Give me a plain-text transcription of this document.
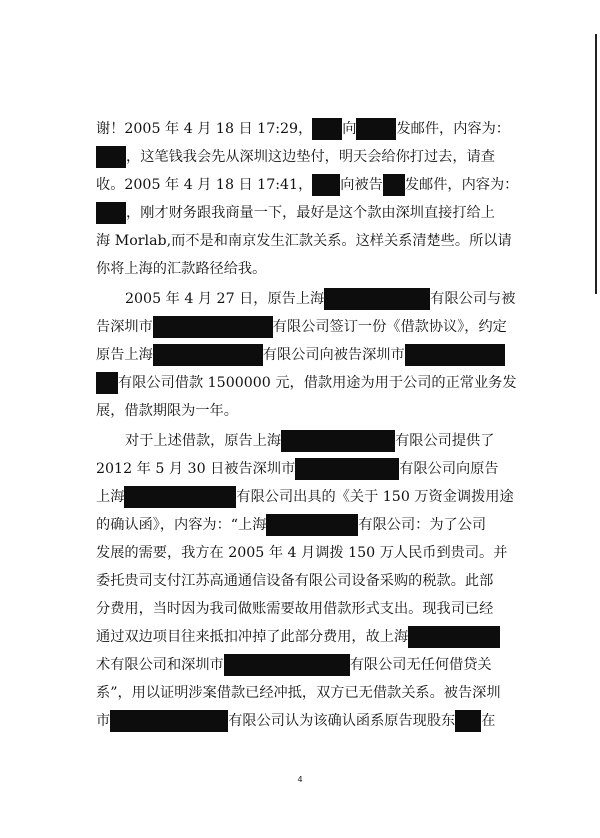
谢！2005 年 4 月 18 日 17:29， 向	发邮件，内容为：
，这笔钱我会先从深圳这边垫付，明天会给你打过去，请查
收。2005 年 4 月 18 日 17:41， 向被告 发邮件，内容为：
，刚才财务跟我商量一下，最好是这个款由深圳直接打给上
海 Morlab,而不是和南京发生汇款关系。这样关系清楚些。所以请
你将上海的汇款路径给我。
2005 年 4 月 27 日，原告上海	有限公司与被
告深圳市	有限公司签订一份《借款协议》，约定
原告上海	有限公司向被告深圳市
有限公司借款 1500000 元，借款用途为用于公司的正常业务发
展，借款期限为一年。
对于上述借款，原告上海	有限公司提供了
2012 年 5 月 30 日被告深圳市	有限公司向原告
上海	有限公司出具的《关于 150 万资金调拨用途
的确认函》，内容为：“上海	有限公司：为了公司
发展的需要，我方在 2005 年 4 月调拨 150 万人民币到贵司。并
委托贵司支付江苏高通通信设备有限公司设备采购的税款。此部
分费用，当时因为我司做账需要故用借款形式支出。现我司已经
通过双边项目往来抵扣冲掉了此部分费用，故上海
术有限公司和深圳市	有限公司无任何借贷关
系”，用以证明涉案借款已经冲抵，双方已无借款关系。被告深圳
市	有限公司认为该确认函系原告现股东 在
4
